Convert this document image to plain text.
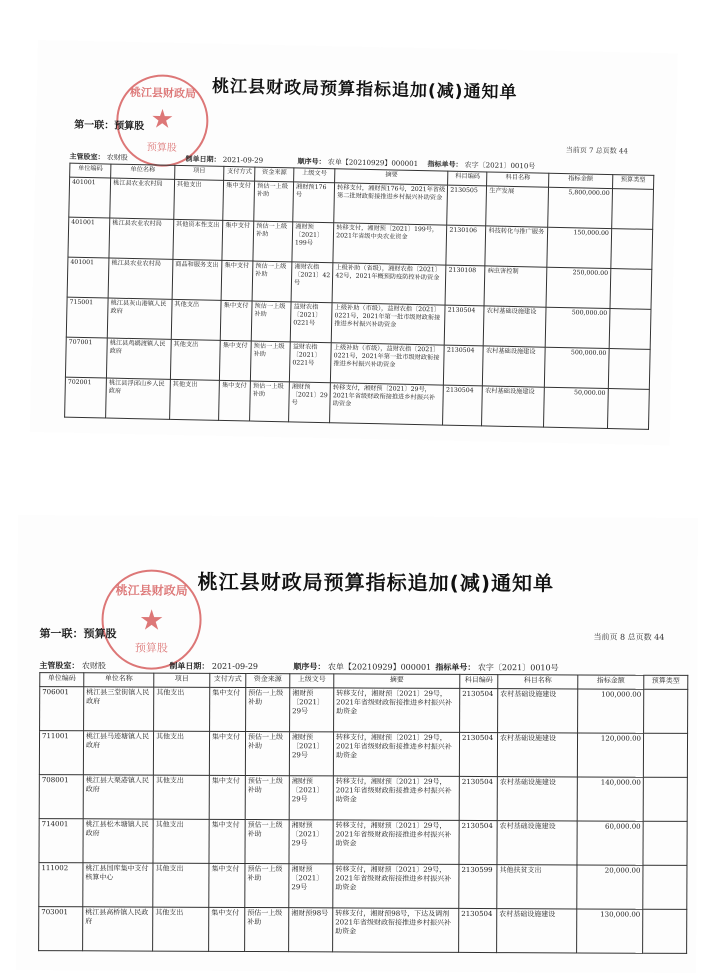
桃江县财政局
★
预算股
桃江县财政局预算指标追加(减)通知单
第一联：预算股
当前页 7 总页数 44
主管股室： 农财股	制单日期： 2021-09-29	顺序号： 农单【20210929】000001 指标单号： 农字〔2021〕0010号
单位编码	单位名称	项目	支付方式	资金来源	上级文号	摘要	科目编码	科目名称	指标金额	预算类型
401001	桃江县农业农村局	其他支出	集中支付	预估一上级补助	湘财预176号	转移支付，湘财预176号，2021年省级第二批财政衔接推进乡村振兴补助资金	2130505	生产发展	5,800,000.00	
401001	桃江县农业农村局	其他资本性支出	集中支付	预估一上级补助	湘财预〔2021〕199号	转移支付，湘财预〔2021〕199号，2021年省级中央农业资金	2130106	科技转化与推广服务	150,000.00	
401001	桃江县农业农村局	商品和服务支出	集中支付	预估一上级补助	湘财农指〔2021〕42号	上级补助（省级），湘财农指〔2021〕42号，2021年概预防疫防控补助资金	2130108	病虫害控制	250,000.00	
715001	桃江县灰山港镇人民政府	其他支出	集中支付	预估一上级补助	益财农指〔2021〕0221号	上级补助（市级），益财农指〔2021〕0221号，2021年第一批市级财政衔接推进乡村振兴补助资金	2130504	农村基础设施建设	500,000.00	
707001	桃江县鸬鹚渡镇人民政府	其他支出	集中支付	预估一上级补助	益财农指〔2021〕0221号	上级补助（市级），益财农指〔2021〕0221号，2021年第一批市级财政衔接推进乡村振兴补助资金	2130504	农村基础设施建设	500,000.00	
702001	桃江县浮邱山乡人民政府	其他支出	集中支付	预估一上级补助	湘财预〔2021〕29号	转移支付，湘财预〔2021〕29号，2021年省级财政衔接推进乡村振兴补助资金	2130504	农村基础设施建设	50,000.00	
桃江县财政局
★
预算股
桃江县财政局预算指标追加(减)通知单
第一联：预算股	当前页 8 总页数 44
主管股室： 农财股	制单日期： 2021-09-29	顺序号： 农单【20210929】000001 指标单号： 农字〔2021〕0010号
单位编码	单位名称	项目	支付方式	资金来源	上级文号	摘要	科目编码	科目名称	指标金额	预算类型
706001	桃江县三堂街镇人民政府	其他支出	集中支付	预估一上级补助	湘财预〔2021〕29号	转移支付，湘财预〔2021〕29号，2021年省级财政衔接推进乡村振兴补助资金	2130504	农村基础设施建设	100,000.00	
711001	桃江县马迹塘镇人民政府	其他支出	集中支付	预估一上级补助	湘财预〔2021〕29号	转移支付，湘财预〔2021〕29号，2021年省级财政衔接推进乡村振兴补助资金	2130504	农村基础设施建设	120,000.00	
708001	桃江县大栗港镇人民政府	其他支出	集中支付	预估一上级补助	湘财预〔2021〕29号	转移支付，湘财预〔2021〕29号，2021年省级财政衔接推进乡村振兴补助资金	2130504	农村基础设施建设	140,000.00	
714001	桃江县松木塘镇人民政府	其他支出	集中支付	预估一上级补助	湘财预〔2021〕29号	转移支付，湘财预〔2021〕29号，2021年省级财政衔接推进乡村振兴补助资金	2130504	农村基础设施建设	60,000.00	
111002	桃江县国库集中支付核算中心	其他支出	集中支付	预估一上级补助	湘财预〔2021〕29号	转移支付，湘财预〔2021〕29号，2021年省级财政衔接推进乡村振兴补助资金	2130599	其他扶贫支出	20,000.00	
703001	桃江县高桥镇人民政府	其他支出	集中支付	预估一上级补助	湘财预98号	转移支付，湘财预98号，下达及调剂2021年省级财政衔接推进乡村振兴补助资金	2130504	农村基础设施建设	130,000.00	
